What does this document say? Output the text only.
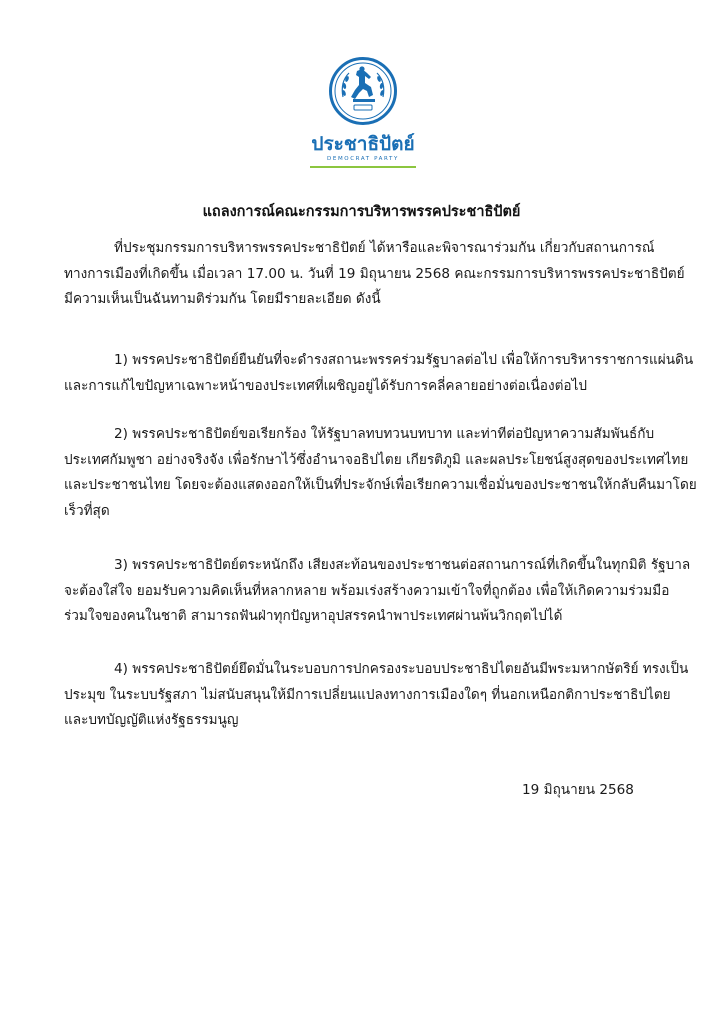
ประชาธิปัตย์
DEMOCRAT PARTY
แถลงการณ์คณะกรรมการบริหารพรรคประชาธิปัตย์
ที่ประชุมกรรมการบริหารพรรคประชาธิปัตย์ ได้หารือและพิจารณาร่วมกัน เกี่ยวกับสถานการณ์
ทางการเมืองที่เกิดขึ้น เมื่อเวลา 17.00 น. วันที่ 19 มิถุนายน 2568 คณะกรรมการบริหารพรรคประชาธิปัตย์
มีความเห็นเป็นฉันทามติร่วมกัน โดยมีรายละเอียด ดังนี้
1) พรรคประชาธิปัตย์ยืนยันที่จะดำรงสถานะพรรคร่วมรัฐบาลต่อไป เพื่อให้การบริหารราชการแผ่นดิน
และการแก้ไขปัญหาเฉพาะหน้าของประเทศที่เผชิญอยู่ได้รับการคลี่คลายอย่างต่อเนื่องต่อไป
2) พรรคประชาธิปัตย์ขอเรียกร้อง ให้รัฐบาลทบทวนบทบาท และท่าทีต่อปัญหาความสัมพันธ์กับ
ประเทศกัมพูชา อย่างจริงจัง เพื่อรักษาไว้ซึ่งอำนาจอธิปไตย เกียรติภูมิ และผลประโยชน์สูงสุดของประเทศไทย
และประชาชนไทย โดยจะต้องแสดงออกให้เป็นที่ประจักษ์เพื่อเรียกความเชื่อมั่นของประชาชนให้กลับคืนมาโดย
เร็วที่สุด
3) พรรคประชาธิปัตย์ตระหนักถึง เสียงสะท้อนของประชาชนต่อสถานการณ์ที่เกิดขึ้นในทุกมิติ รัฐบาล
จะต้องใส่ใจ ยอมรับความคิดเห็นที่หลากหลาย พร้อมเร่งสร้างความเข้าใจที่ถูกต้อง เพื่อให้เกิดความร่วมมือ
ร่วมใจของคนในชาติ สามารถฟันฝ่าทุกปัญหาอุปสรรคนำพาประเทศผ่านพ้นวิกฤตไปได้
4) พรรคประชาธิปัตย์ยึดมั่นในระบอบการปกครองระบอบประชาธิปไตยอันมีพระมหากษัตริย์ ทรงเป็น
ประมุข ในระบบรัฐสภา ไม่สนับสนุนให้มีการเปลี่ยนแปลงทางการเมืองใดๆ ที่นอกเหนือกติกาประชาธิปไตย
และบทบัญญัติแห่งรัฐธรรมนูญ
19 มิถุนายน 2568
